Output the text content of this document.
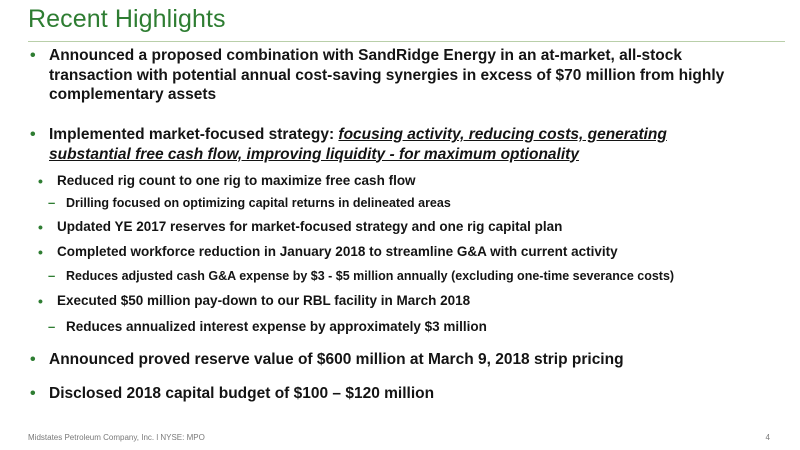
Recent Highlights
• Announced a proposed combination with SandRidge Energy in an at-market, all-stock transaction with potential annual cost-saving synergies in excess of $70 million from highly complementary assets
• Implemented market-focused strategy: focusing activity, reducing costs, generating substantial free cash flow, improving liquidity - for maximum optionality
• Reduced rig count to one rig to maximize free cash flow
– Drilling focused on optimizing capital returns in delineated areas
• Updated YE 2017 reserves for market-focused strategy and one rig capital plan
• Completed workforce reduction in January 2018 to streamline G&A with current activity
– Reduces adjusted cash G&A expense by $3 - $5 million annually (excluding one-time severance costs)
• Executed $50 million pay-down to our RBL facility in March 2018
– Reduces annualized interest expense by approximately $3 million
• Announced proved reserve value of $600 million at March 9, 2018 strip pricing
• Disclosed 2018 capital budget of $100 – $120 million
Midstates Petroleum Company, Inc. l NYSE: MPO	4
